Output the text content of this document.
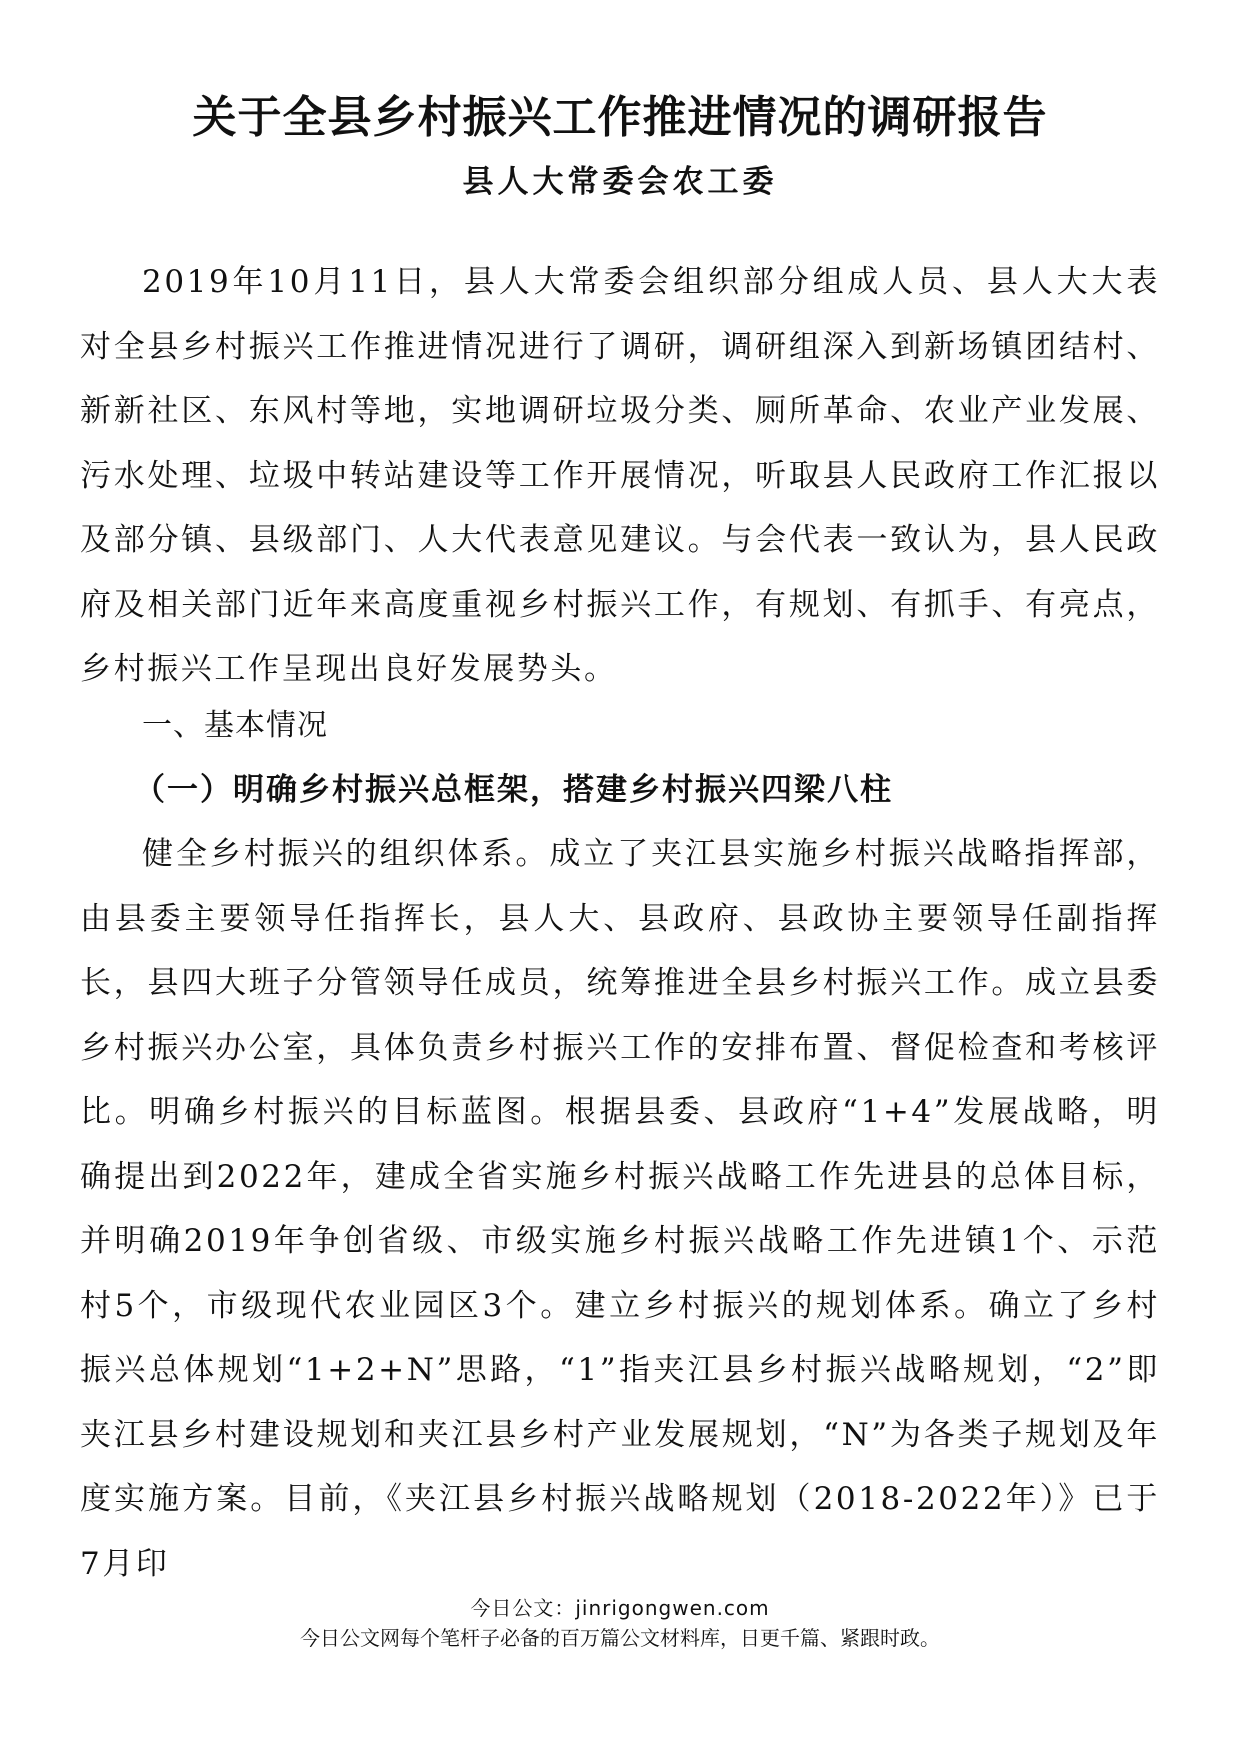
关于全县乡村振兴工作推进情况的调研报告
县人大常委会农工委
2019年10月11日，县人大常委会组织部分组成人员、县人大大表对全县乡村振兴工作推进情况进行了调研，调研组深入到新场镇团结村、新新社区、东风村等地，实地调研垃圾分类、厕所革命、农业产业发展、污水处理、垃圾中转站建设等工作开展情况，听取县人民政府工作汇报以及部分镇、县级部门、人大代表意见建议。与会代表一致认为，县人民政府及相关部门近年来高度重视乡村振兴工作，有规划、有抓手、有亮点，乡村振兴工作呈现出良好发展势头。
一、基本情况
（一）明确乡村振兴总框架，搭建乡村振兴四梁八柱
健全乡村振兴的组织体系。成立了夹江县实施乡村振兴战略指挥部，由县委主要领导任指挥长，县人大、县政府、县政协主要领导任副指挥长，县四大班子分管领导任成员，统筹推进全县乡村振兴工作。成立县委乡村振兴办公室，具体负责乡村振兴工作的安排布置、督促检查和考核评比。明确乡村振兴的目标蓝图。根据县委、县政府“1+4”发展战略，明确提出到2022年，建成全省实施乡村振兴战略工作先进县的总体目标，并明确2019年争创省级、市级实施乡村振兴战略工作先进镇1个、示范村5个，市级现代农业园区3个。建立乡村振兴的规划体系。确立了乡村振兴总体规划“1+2+N”思路，“1”指夹江县乡村振兴战略规划，“2”即夹江县乡村建设规划和夹江县乡村产业发展规划，“N”为各类子规划及年度实施方案。目前，《夹江县乡村振兴战略规划（2018-2022年）》已于7月印
今日公文：jinrigongwen.com
今日公文网每个笔杆子必备的百万篇公文材料库，日更千篇、紧跟时政。
